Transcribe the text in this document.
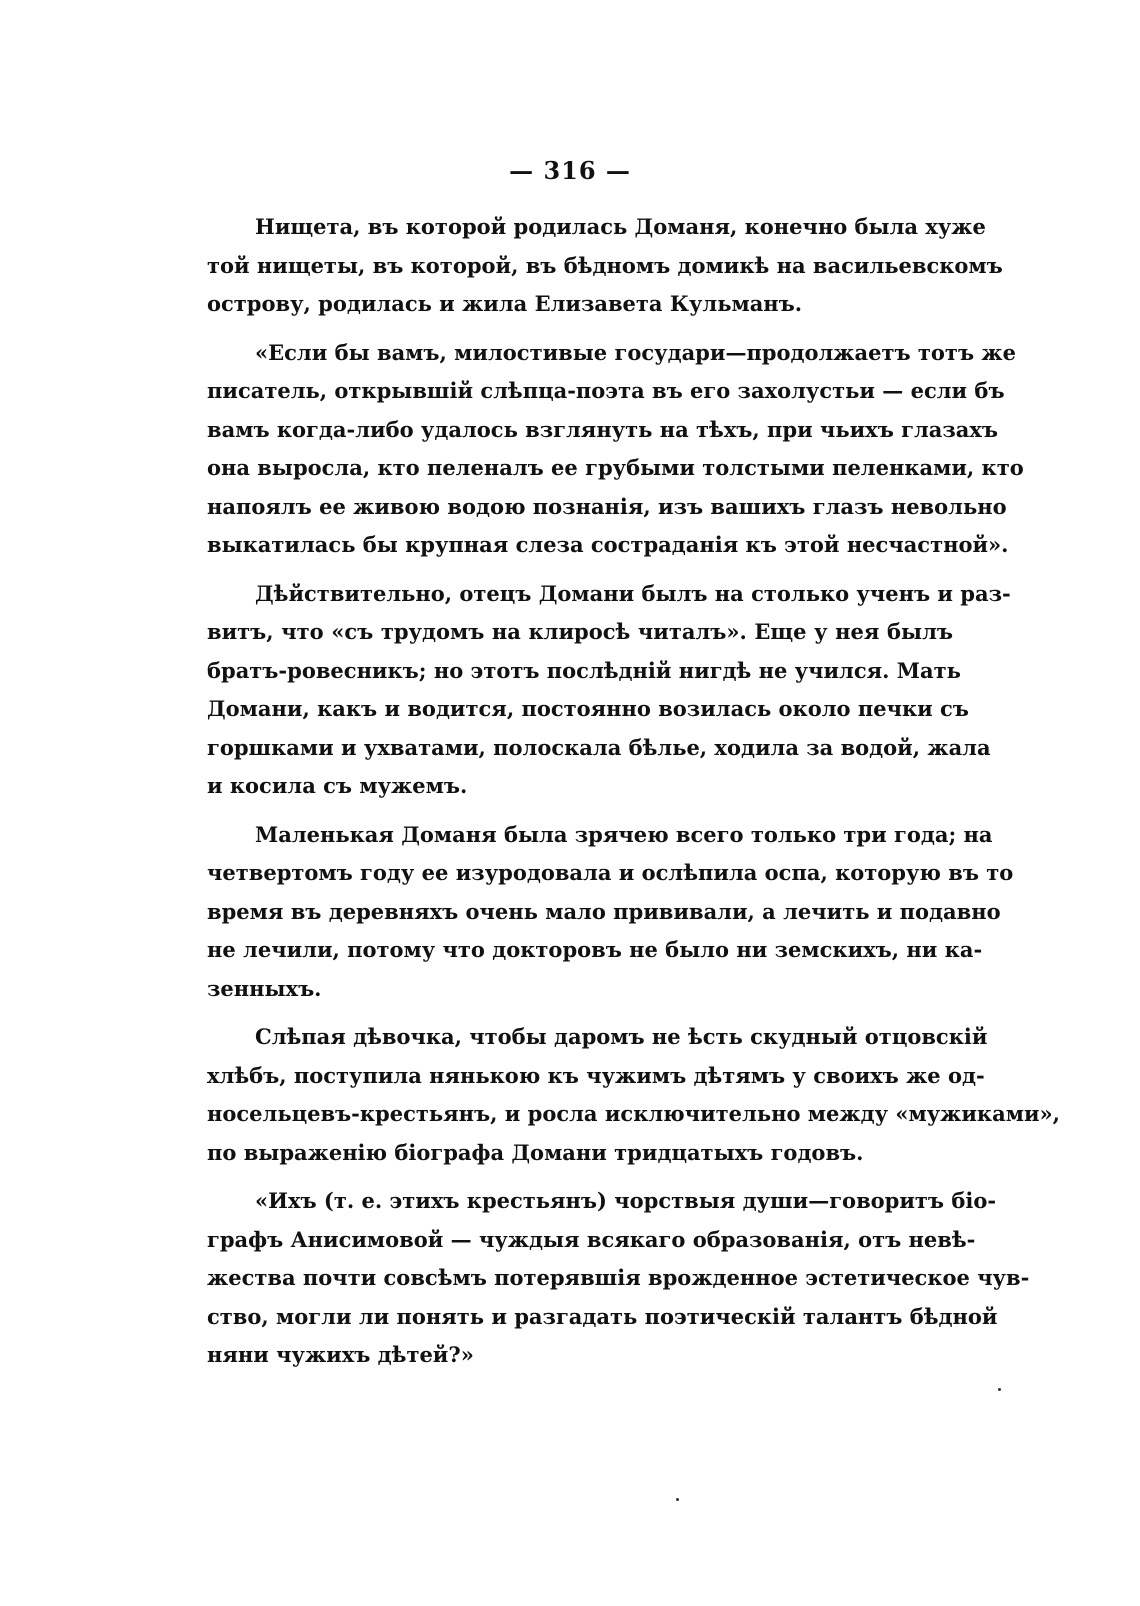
— 316 —

Нищета, въ которой родилась Доманя, конечно была хуже
той нищеты, въ которой, въ бѣдномъ домикѣ на васильевскомъ
острову, родилась и жила Елизавета Кульманъ.

«Если бы вамъ, милостивые государи—продолжаетъ тотъ же
писатель, открывшій слѣпца-поэта въ его захолустьи — если бъ
вамъ когда-либо удалось взглянуть на тѣхъ, при чьихъ глазахъ
она выросла, кто пеленалъ ее грубыми толстыми пеленками, кто
напоялъ ее живою водою познанія, изъ вашихъ глазъ невольно
выкатилась бы крупная слеза состраданія къ этой несчастной».

Дѣйствительно, отецъ Домани былъ на столько ученъ и раз-
витъ, что «съ трудомъ на клиросѣ читалъ». Еще у нея былъ
братъ-ровесникъ; но этотъ послѣдній нигдѣ не учился. Мать
Домани, какъ и водится, постоянно возилась около печки съ
горшками и ухватами, полоскала бѣлье, ходила за водой, жала
и косила съ мужемъ.

Маленькая Доманя была зрячею всего только три года; на
четвертомъ году ее изуродовала и ослѣпила оспа, которую въ то
время въ деревняхъ очень мало прививали, а лечить и подавно
не лечили, потому что докторовъ не было ни земскихъ, ни ка-
зенныхъ.

Слѣпая дѣвочка, чтобы даромъ не ѣсть скудный отцовскій
хлѣбъ, поступила нянькою къ чужимъ дѣтямъ у своихъ же од-
носельцевъ-крестьянъ, и росла исключительно между «мужиками»,
по выраженію біографа Домани тридцатыхъ годовъ.

«Ихъ (т. е. этихъ крестьянъ) чорствыя души—говоритъ біо-
графъ Анисимовой — чуждыя всякаго образованія, отъ невѣ-
жества почти совсѣмъ потерявшія врожденное эстетическое чув-
ство, могли ли понять и разгадать поэтическій талантъ бѣдной
няни чужихъ дѣтей?»
